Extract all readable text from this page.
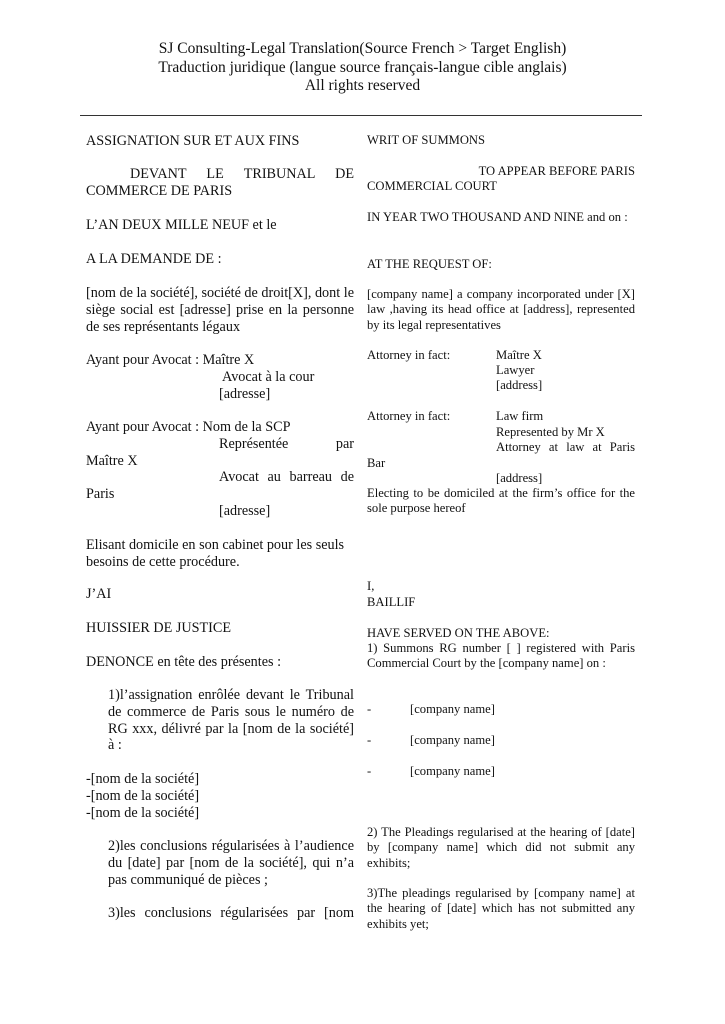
SJ Consulting-Legal Translation(Source French > Target English)
Traduction juridique (langue source français-langue cible anglais)
All rights reserved
ASSIGNATION SUR ET AUX FINS
DEVANT LE TRIBUNAL DE
COMMERCE DE PARIS
L’AN DEUX MILLE NEUF et le
A LA DEMANDE DE :
[nom de la société], société de droit[X], dont le siège social est [adresse] prise en la personne de ses représentants légaux
Ayant pour Avocat : Maître X
Avocat à la cour
[adresse]
Ayant pour Avocat : Nom de la SCP
Représentée	par
Maître X
Avocat au barreau de
Paris
[adresse]
Elisant domicile en son cabinet pour les seuls besoins de cette procédure.
J’AI
HUISSIER DE JUSTICE
DENONCE en tête des présentes :
1)l’assignation enrôlée devant le Tribunal de commerce de Paris sous le numéro de RG xxx, délivré par la [nom de la société] à :
-[nom de la société]
-[nom de la société]
-[nom de la société]
2)les conclusions régularisées à l’audience du [date] par [nom de la société], qui n’a pas communiqué de pièces ;
3)les conclusions régularisées par [nom
WRIT OF SUMMONS
TO APPEAR BEFORE PARIS
COMMERCIAL COURT
IN YEAR TWO THOUSAND AND NINE and on :
AT THE REQUEST OF:
[company name] a company incorporated under [X] law ,having its head office at [address], represented by its legal representatives
Attorney in fact:	Maître X
Lawyer
[address]
Attorney in fact:	Law firm
Represented by Mr X
Attorney at law at Paris
Bar
[address]
Electing to be domiciled at the firm’s office for the sole purpose hereof
I,
BAILLIF
HAVE SERVED ON THE ABOVE:
1) Summons RG number [ ] registered with Paris Commercial Court by the [company name] on :
-	[company name]
-	[company name]
-	[company name]
2) The Pleadings regularised at the hearing of [date] by [company name] which did not submit any exhibits;
3)The pleadings regularised by [company name] at the hearing of [date] which has not submitted any exhibits yet;
